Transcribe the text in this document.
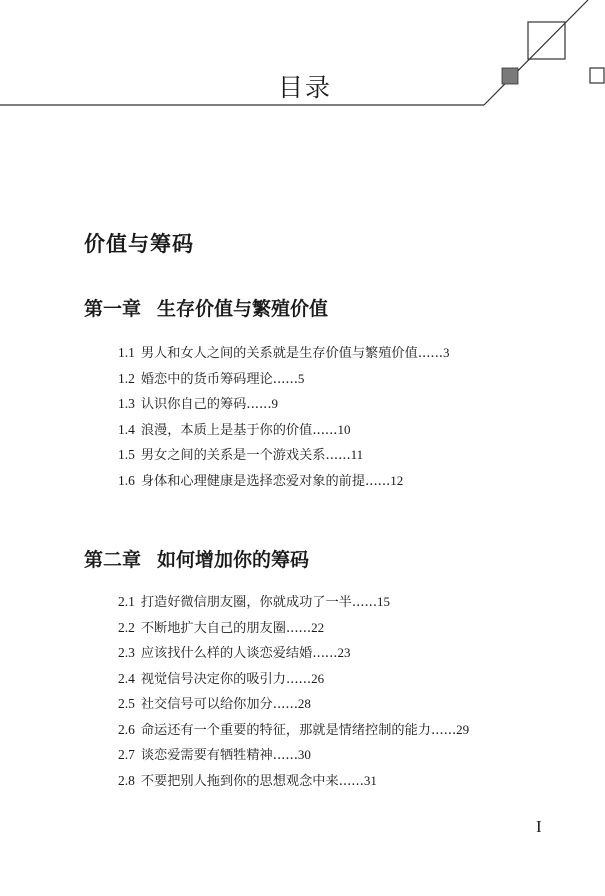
目录
价值与筹码
第一章 生存价值与繁殖价值
1.1 男人和女人之间的关系就是生存价值与繁殖价值......3
1.2 婚恋中的货币筹码理论......5
1.3 认识你自己的筹码......9
1.4 浪漫，本质上是基于你的价值......10
1.5 男女之间的关系是一个游戏关系......11
1.6 身体和心理健康是选择恋爱对象的前提......12
第二章 如何增加你的筹码
2.1 打造好微信朋友圈，你就成功了一半......15
2.2 不断地扩大自己的朋友圈......22
2.3 应该找什么样的人谈恋爱结婚......23
2.4 视觉信号决定你的吸引力......26
2.5 社交信号可以给你加分......28
2.6 命运还有一个重要的特征，那就是情绪控制的能力......29
2.7 谈恋爱需要有牺牲精神......30
2.8 不要把别人拖到你的思想观念中来......31
I
